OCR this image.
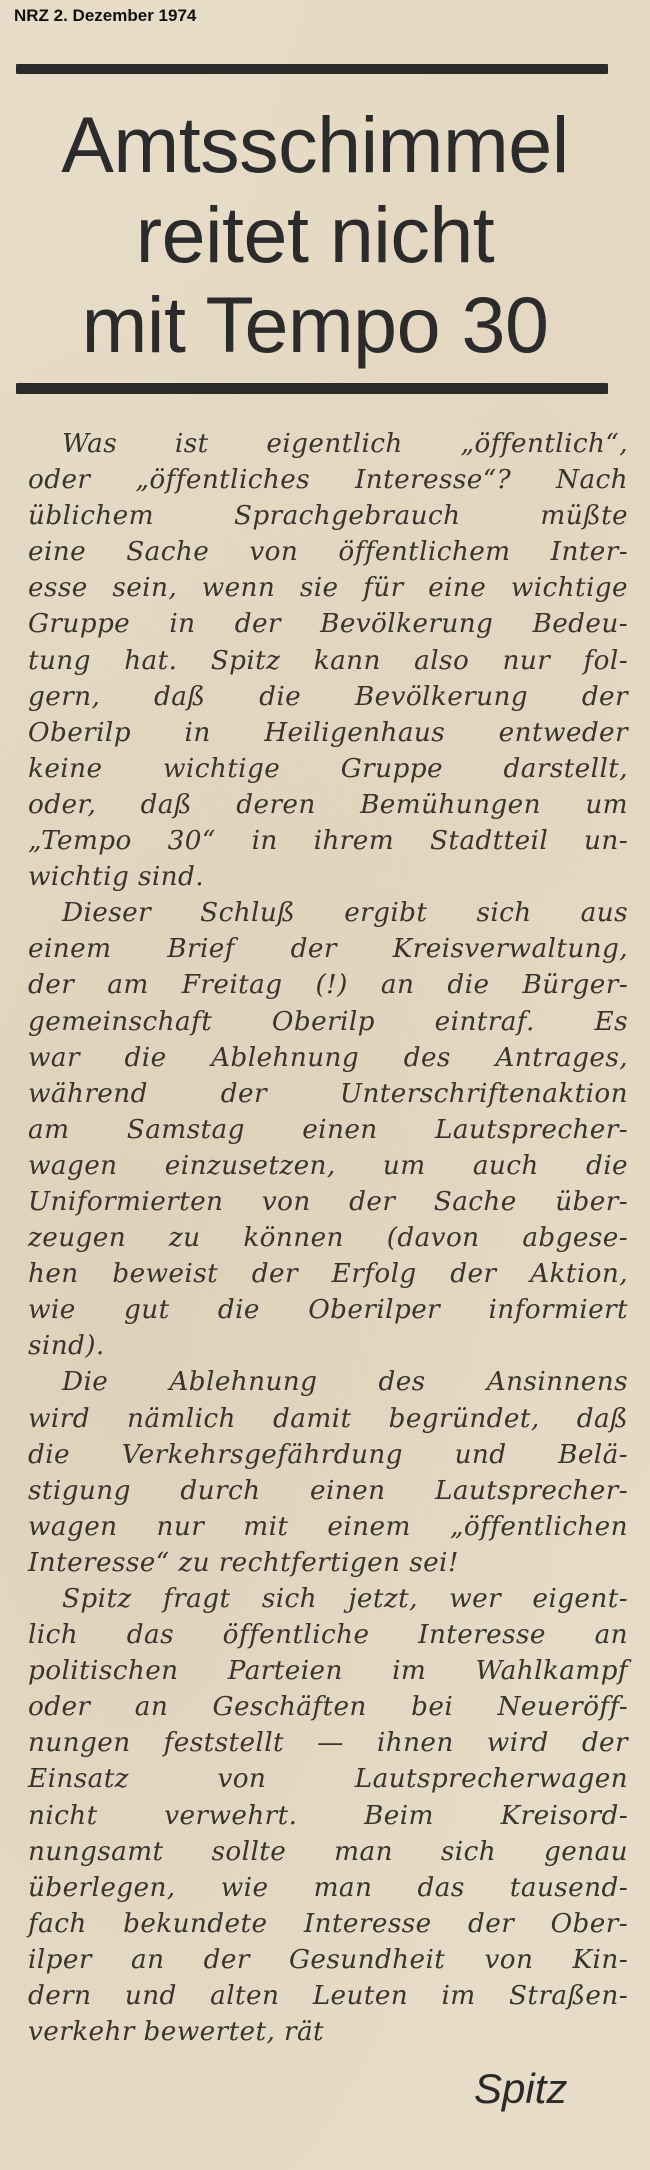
NRZ 2. Dezember 1974
Amtsschimmel
reitet nicht
mit Tempo 30
Was ist eigentlich „öffentlich“,
oder „öffentliches Interesse“? Nach
üblichem Sprachgebrauch müßte
eine Sache von öffentlichem Inter-
esse sein, wenn sie für eine wichtige
Gruppe in der Bevölkerung Bedeu-
tung hat. Spitz kann also nur fol-
gern, daß die Bevölkerung der
Oberilp in Heiligenhaus entweder
keine wichtige Gruppe darstellt,
oder, daß deren Bemühungen um
„Tempo 30“ in ihrem Stadtteil un-
wichtig sind.
Dieser Schluß ergibt sich aus
einem Brief der Kreisverwaltung,
der am Freitag (!) an die Bürger-
gemeinschaft Oberilp eintraf. Es
war die Ablehnung des Antrages,
während der Unterschriftenaktion
am Samstag einen Lautsprecher-
wagen einzusetzen, um auch die
Uniformierten von der Sache über-
zeugen zu können (davon abgese-
hen beweist der Erfolg der Aktion,
wie gut die Oberilper informiert
sind).
Die Ablehnung des Ansinnens
wird nämlich damit begründet, daß
die Verkehrsgefährdung und Belä-
stigung durch einen Lautsprecher-
wagen nur mit einem „öffentlichen
Interesse“ zu rechtfertigen sei!
Spitz fragt sich jetzt, wer eigent-
lich das öffentliche Interesse an
politischen Parteien im Wahlkampf
oder an Geschäften bei Neueröff-
nungen feststellt — ihnen wird der
Einsatz von Lautsprecherwagen
nicht verwehrt. Beim Kreisord-
nungsamt sollte man sich genau
überlegen, wie man das tausend-
fach bekundete Interesse der Ober-
ilper an der Gesundheit von Kin-
dern und alten Leuten im Straßen-
verkehr bewertet, rät
Spitz
